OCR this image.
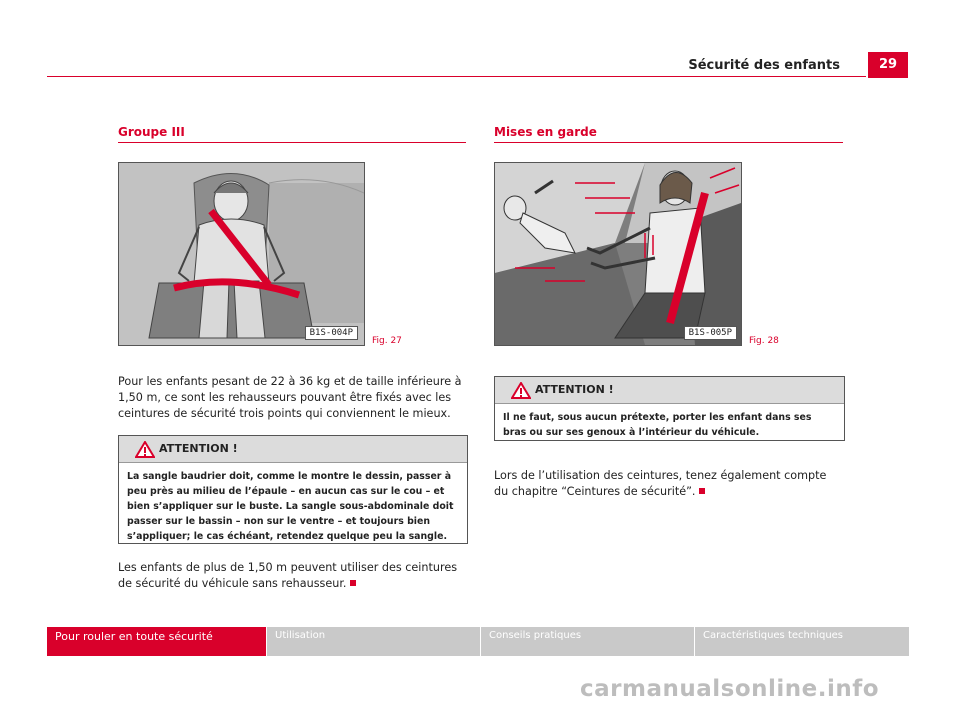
Sécurité des enfants	29
Groupe III
B1S-004P
Fig. 27
Pour les enfants pesant de 22 à 36 kg et de taille inférieure à 1,50 m, ce sont les rehausseurs pouvant être fixés avec les ceintures de sécurité trois points qui conviennent le mieux.
ATTENTION !
La sangle baudrier doit, comme le montre le dessin, passer à peu près au milieu de l’épaule – en aucun cas sur le cou – et bien s’appliquer sur le buste. La sangle sous-abdominale doit passer sur le bassin – non sur le ventre – et toujours bien s’appliquer; le cas échéant, retendez quelque peu la sangle.
Les enfants de plus de 1,50 m peuvent utiliser des ceintures de sécurité du véhicule sans rehausseur.
Mises en garde
B1S-005P
Fig. 28
ATTENTION !
Il ne faut, sous aucun prétexte, porter les enfant dans ses bras ou sur ses genoux à l’intérieur du véhicule.
Lors de l’utilisation des ceintures, tenez également compte du chapitre “Ceintures de sécurité”.
Pour rouler en toute sécurité	Utilisation	Conseils pratiques	Caractéristiques techniques
carmanualsonline.info
